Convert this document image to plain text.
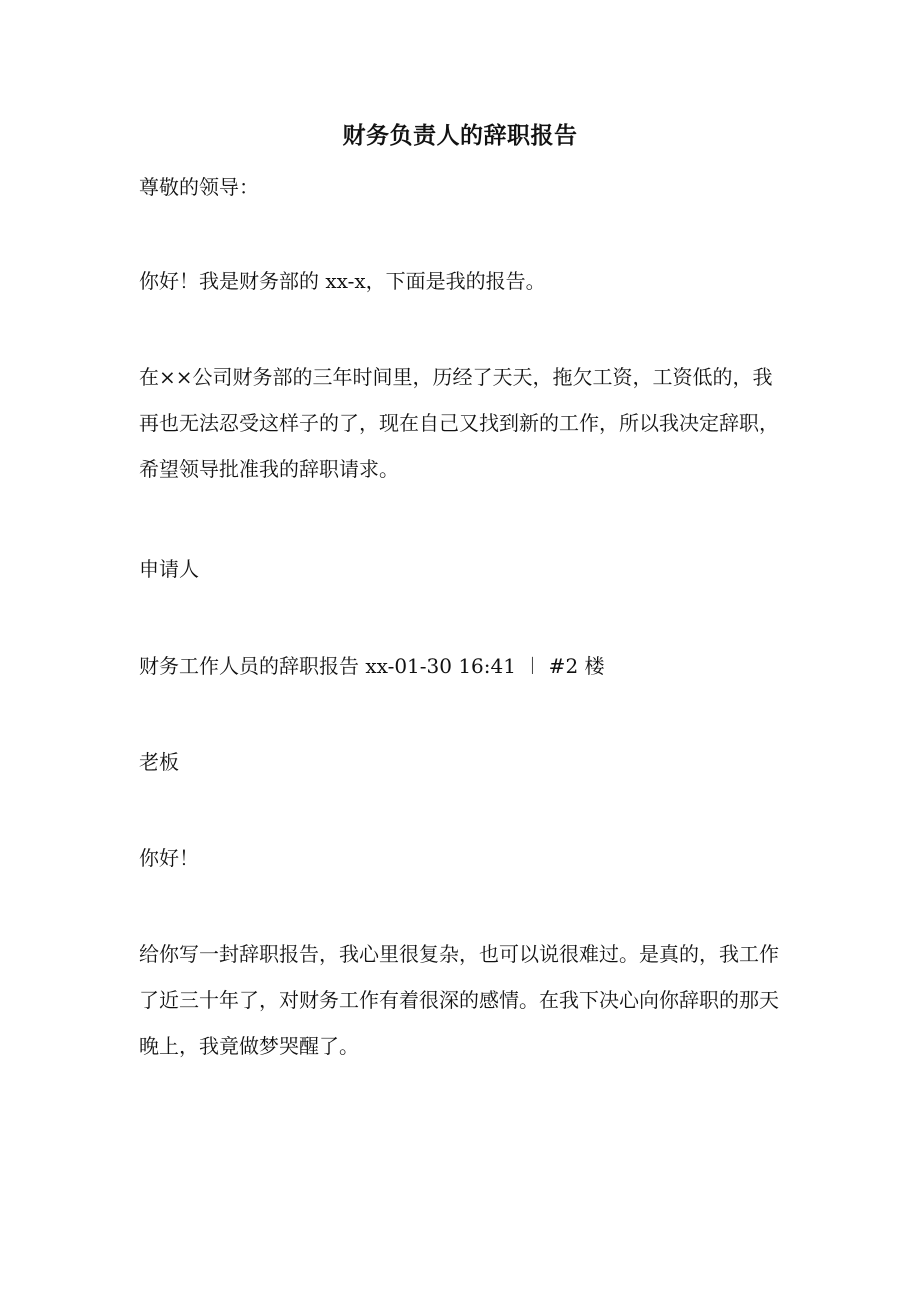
财务负责人的辞职报告

尊敬的领导：

你好！我是财务部的 xx-x，下面是我的报告。

在××公司财务部的三年时间里，历经了天天，拖欠工资，工资低的，我再也无法忍受这样子的了，现在自己又找到新的工作，所以我决定辞职，希望领导批准我的辞职请求。

申请人

财务工作人员的辞职报告 xx-01-30 16:41 ︱ #2 楼

老板

你好！

给你写一封辞职报告，我心里很复杂，也可以说很难过。是真的，我工作了近三十年了，对财务工作有着很深的感情。在我下决心向你辞职的那天晚上，我竟做梦哭醒了。
